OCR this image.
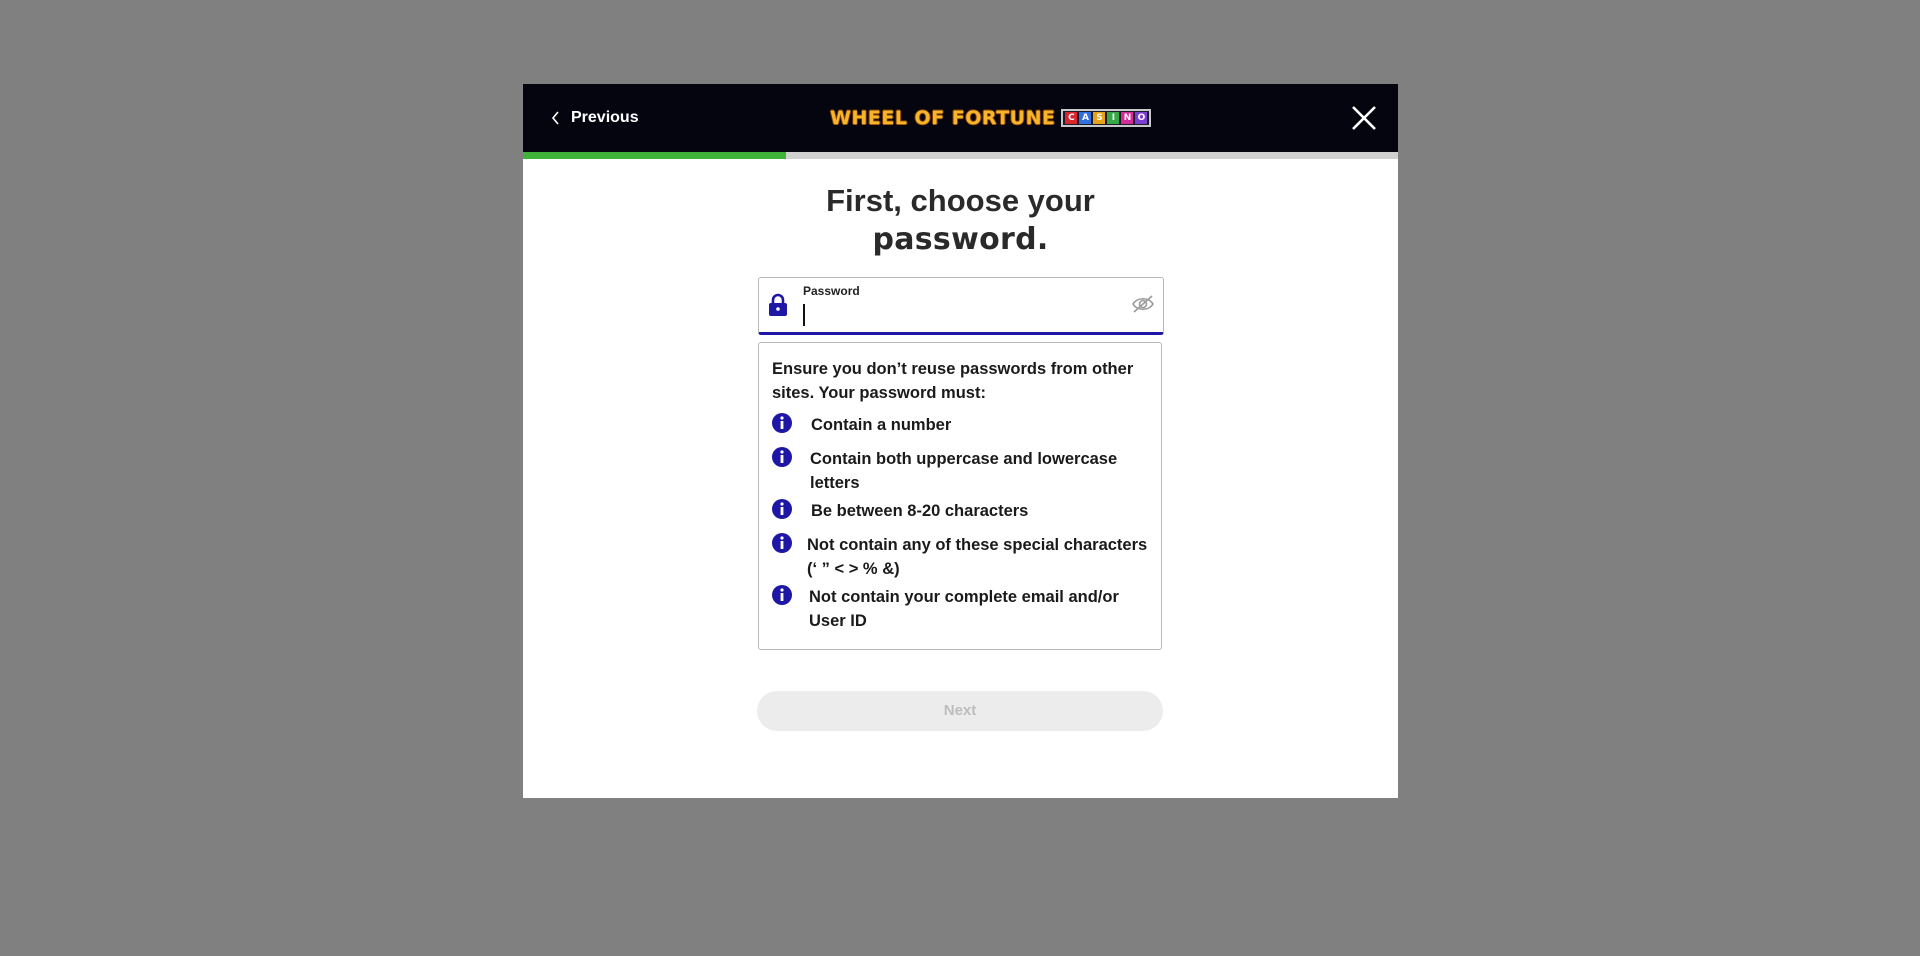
Previous	WHEEL OF FORTUNE C A S	I N O
First, choose your
password.
Password
Ensure you don’t reuse passwords from other sites. Your password must:
Contain a number
Contain both uppercase and lowercase letters
Be between 8-20 characters
Not contain any of these special characters (‘ ” < > % &)
Not contain your complete email and/or User ID
Next
